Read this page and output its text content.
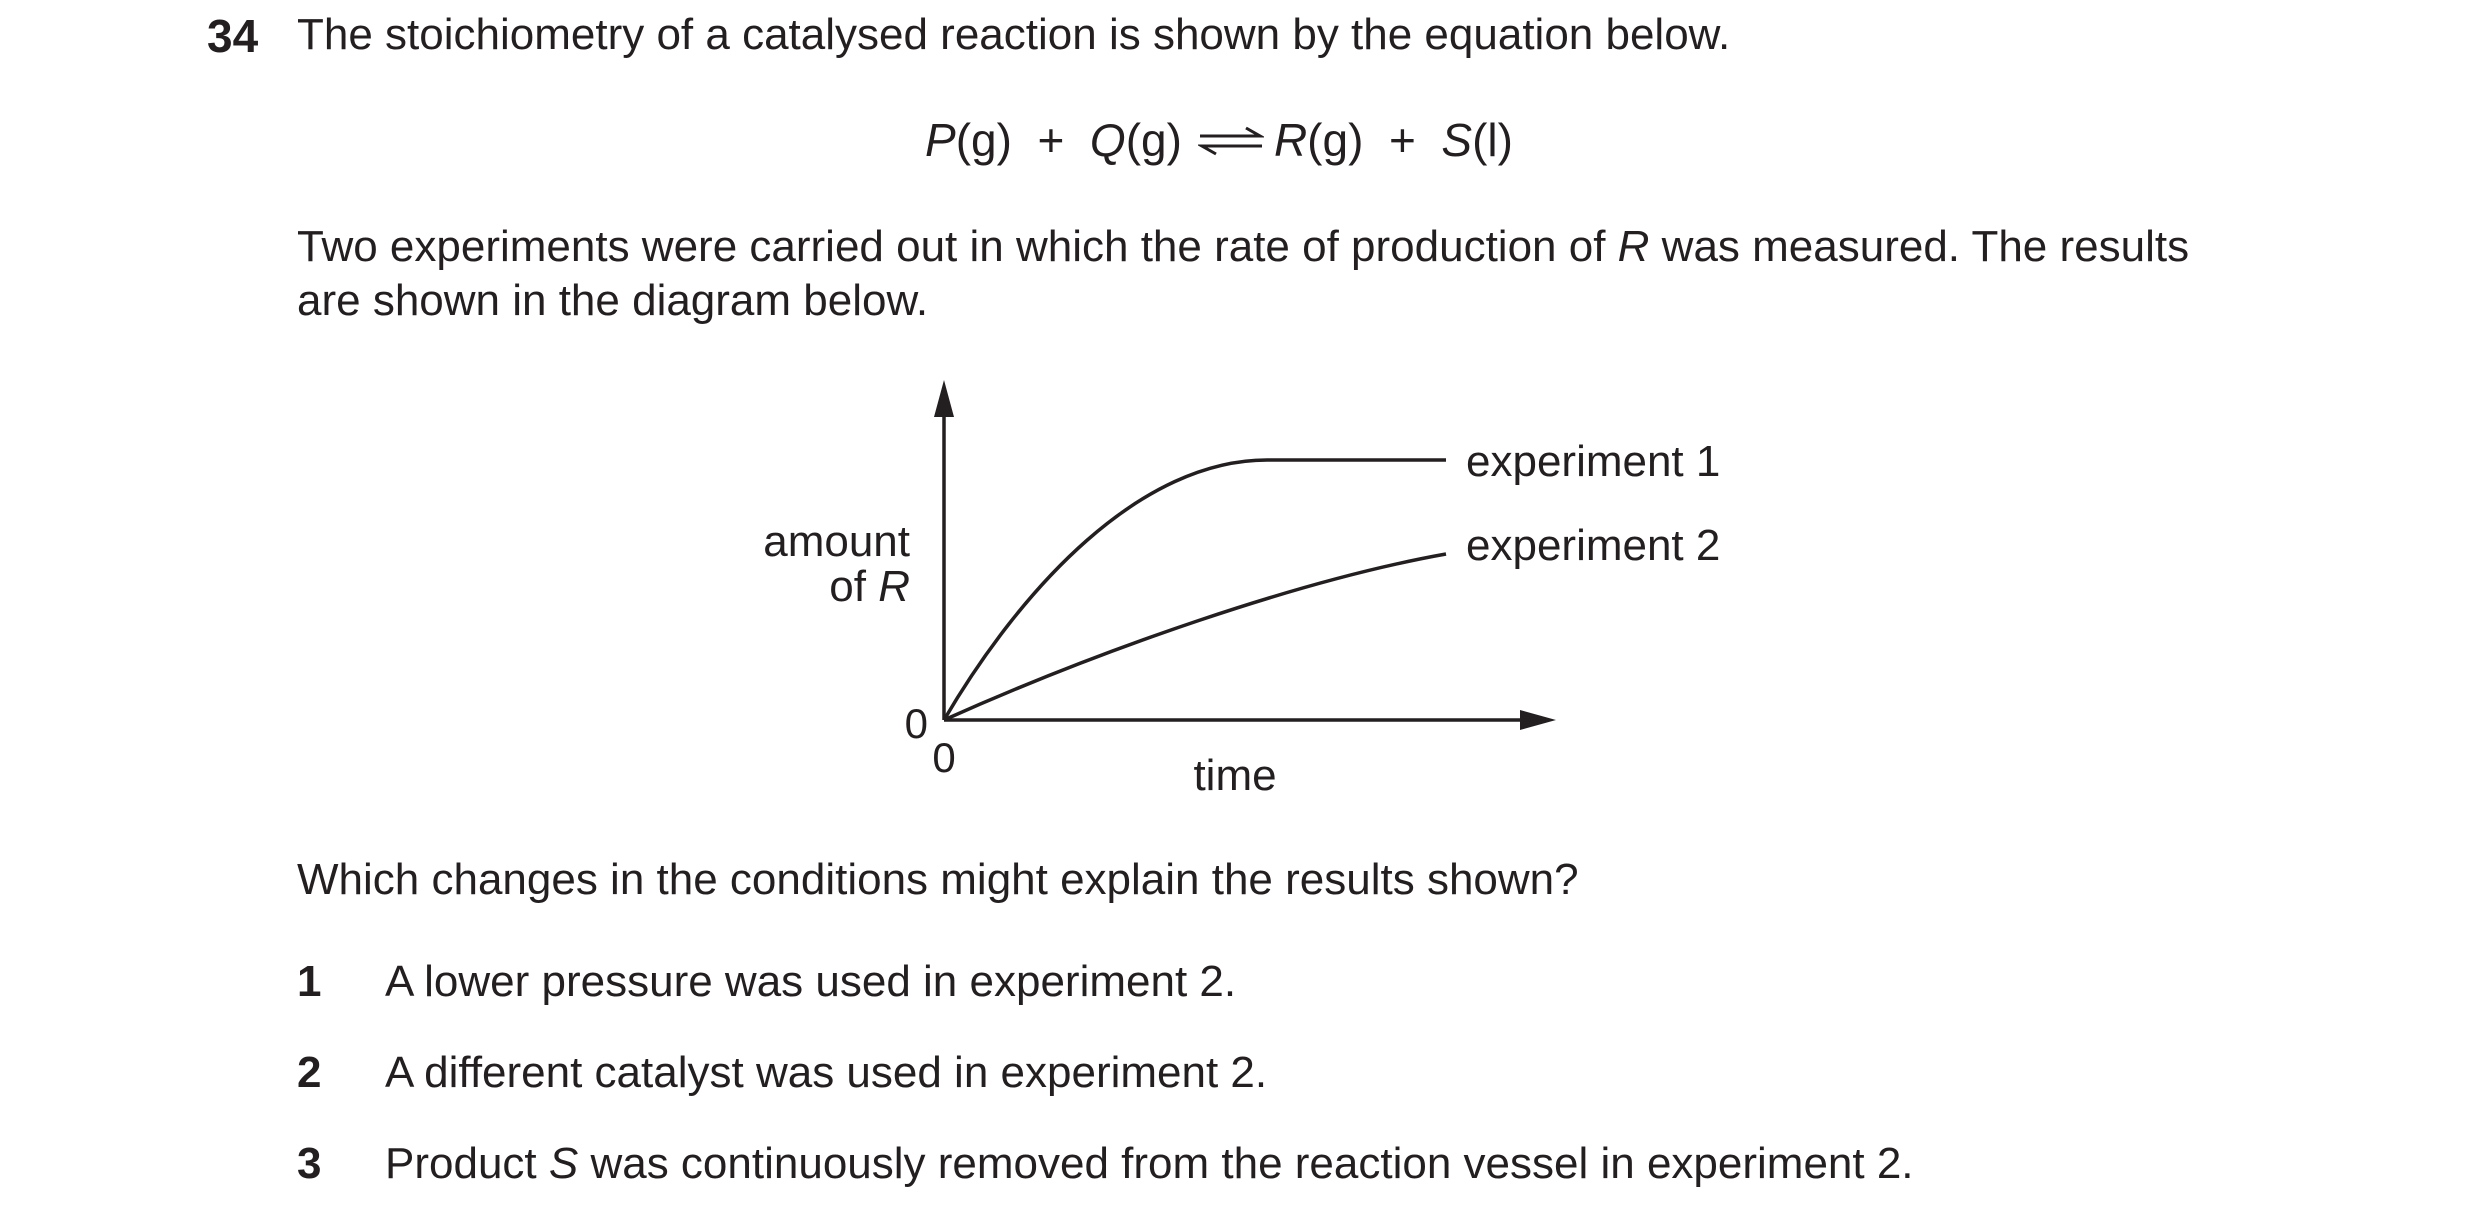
34 The stoichiometry of a catalysed reaction is shown by the equation below.
P(g) + Q(g) ⇌ R(g) + S(l)
Two experiments were carried out in which the rate of production of R was measured. The results
are shown in the diagram below.
amount
of R
0
0	time
experiment 1
experiment 2
Which changes in the conditions might explain the results shown?
1 A lower pressure was used in experiment 2.
2 A different catalyst was used in experiment 2.
3 Product S was continuously removed from the reaction vessel in experiment 2.
